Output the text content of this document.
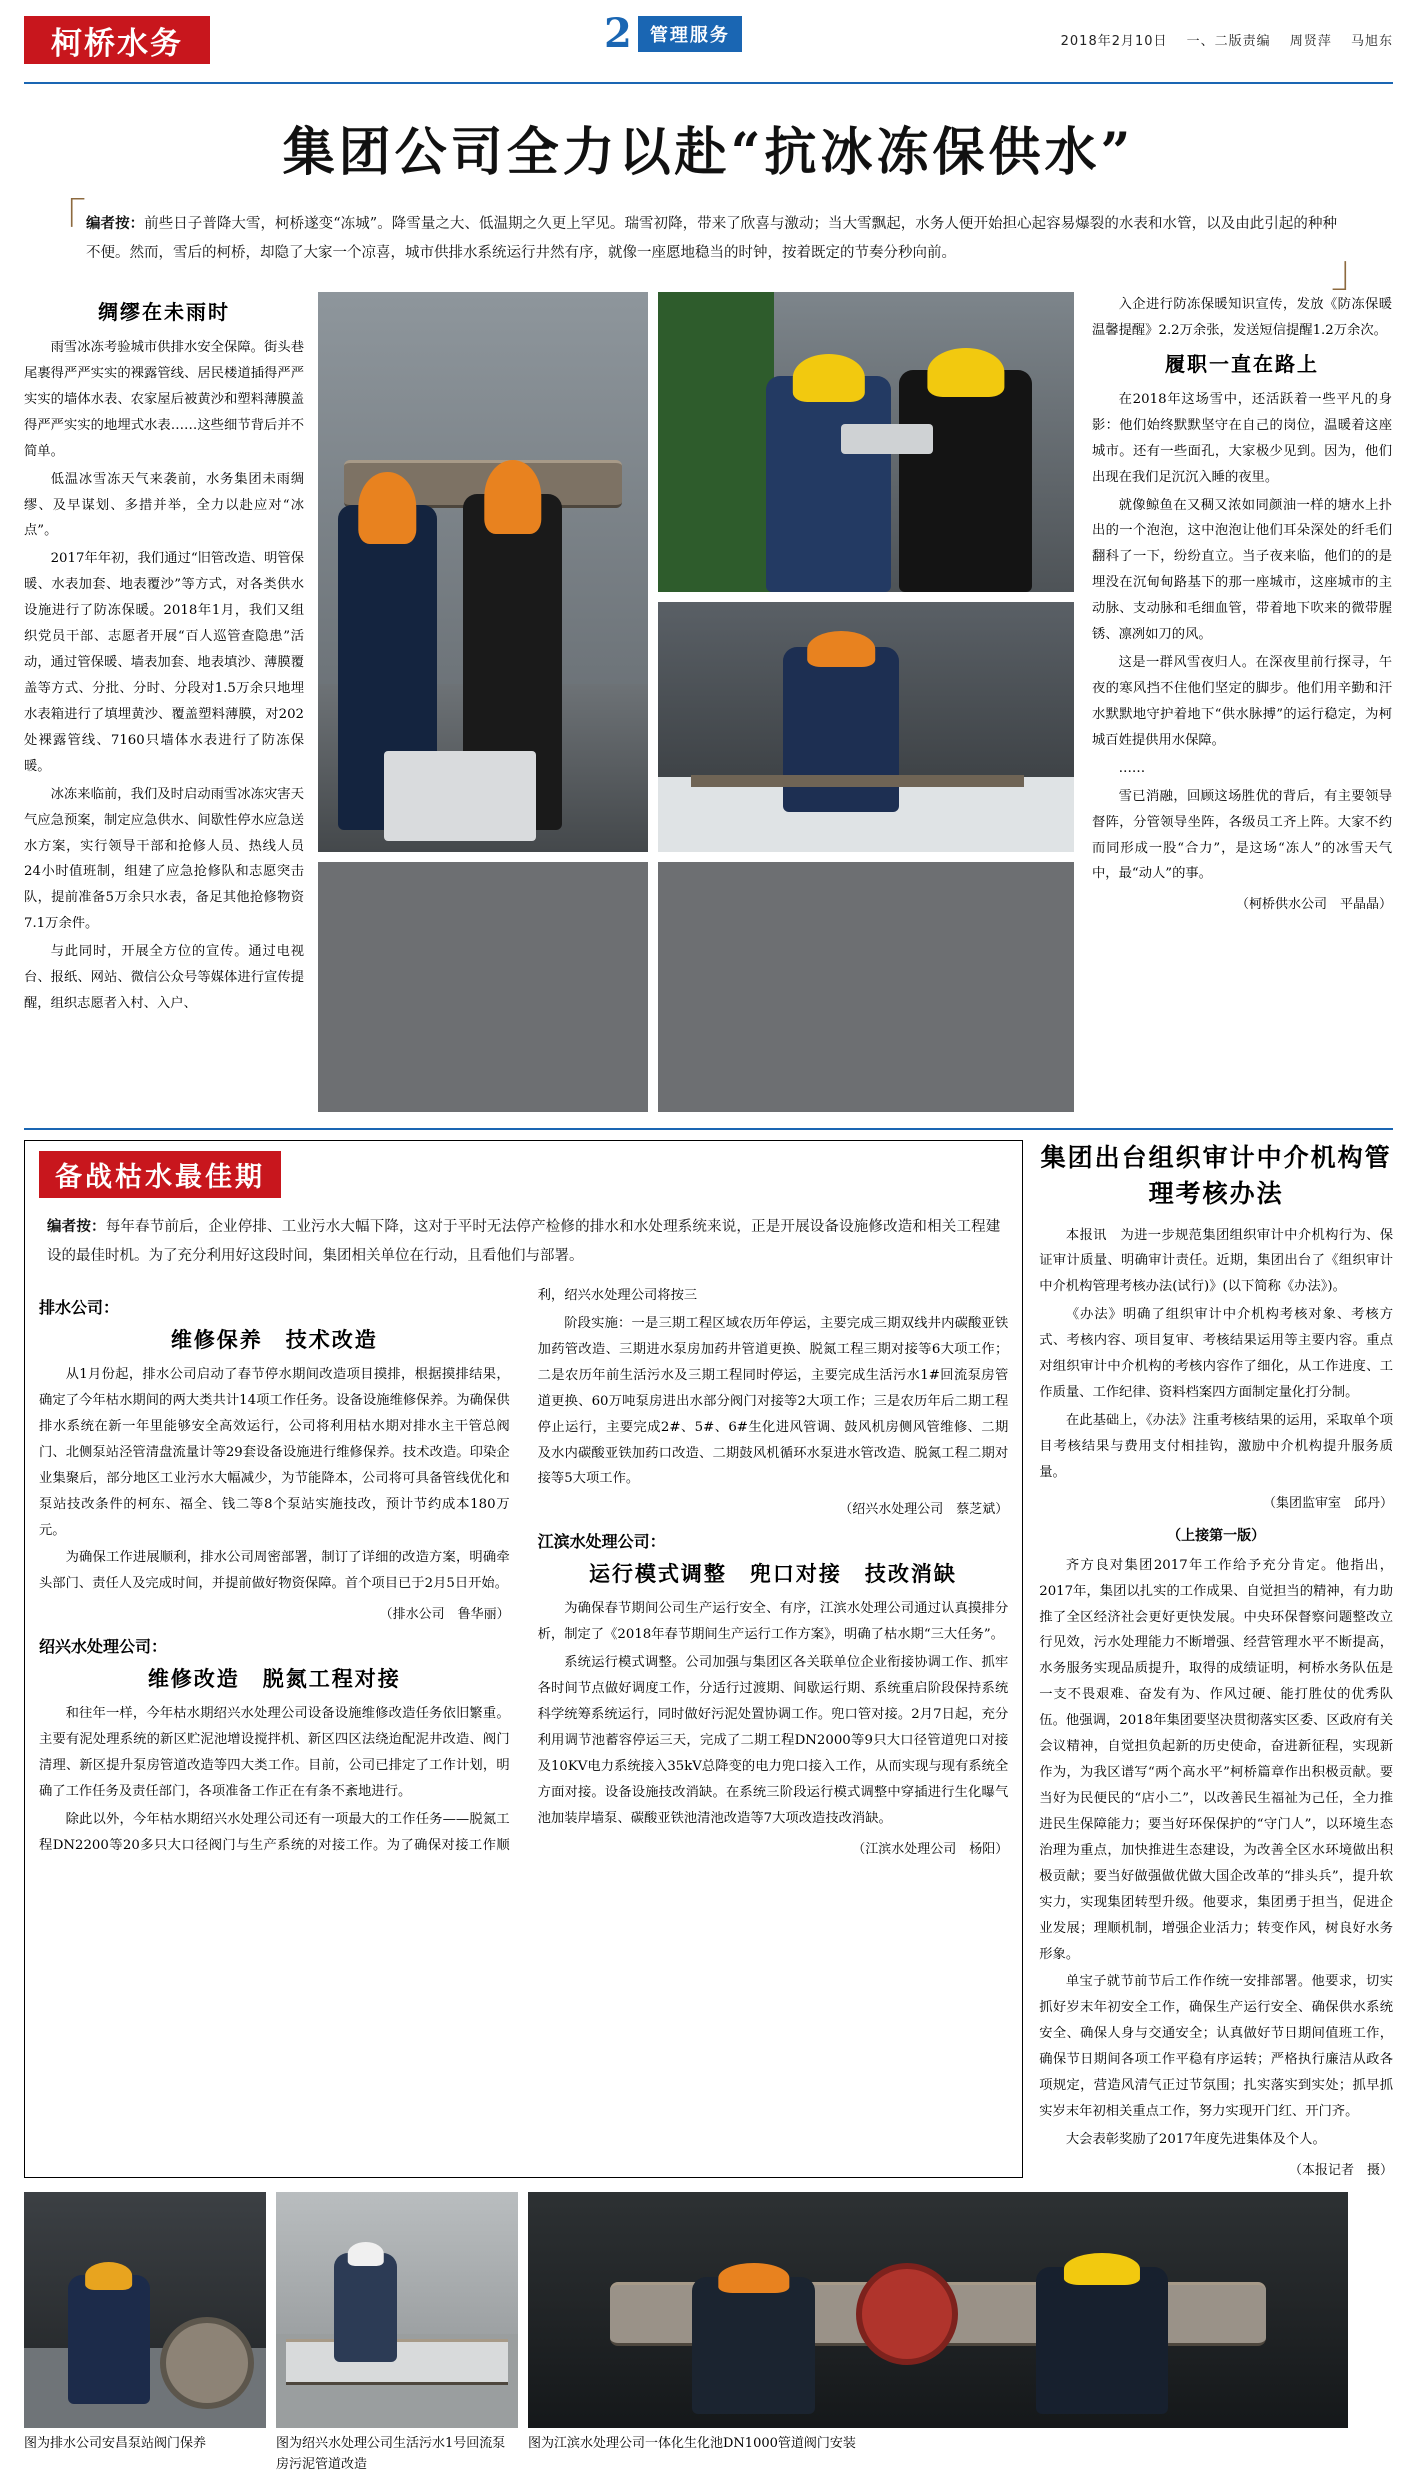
柯桥水务	2	管理服务	2018年2月10日 一、二版责编 周贤萍 马旭东
集团公司全力以赴“抗冰冻保供水”
「
」
编者按：前些日子普降大雪，柯桥遂变“冻城”。降雪量之大、低温期之久更上罕见。瑞雪初降，带来了欣喜与激动；当大雪飘起，水务人便开始担心起容易爆裂的水表和水管，以及由此引起的种种不便。然而，雪后的柯桥，却隐了大家一个凉喜，城市供排水系统运行井然有序，就像一座愿地稳当的时钟，按着既定的节奏分秒向前。
绸缪在未雨时

雨雪冰冻考验城市供排水安全保障。街头巷尾裹得严严实实的裸露管线、居民楼道插得严严实实的墙体水表、农家屋后被黄沙和塑料薄膜盖得严严实实的地埋式水表……这些细节背后并不简单。

低温冰雪冻天气来袭前，水务集团未雨绸缪、及早谋划、多措并举，全力以赴应对“冰点”。

2017年年初，我们通过“旧管改造、明管保暖、水表加套、地表覆沙”等方式，对各类供水设施进行了防冻保暖。2018年1月，我们又组织党员干部、志愿者开展“百人巡管查隐患”活动，通过管保暖、墙表加套、地表填沙、薄膜覆盖等方式、分批、分时、分段对1.5万余只地埋水表箱进行了填埋黄沙、覆盖塑料薄膜，对202处裸露管线、7160只墙体水表进行了防冻保暖。

冰冻来临前，我们及时启动雨雪冰冻灾害天气应急预案，制定应急供水、间歇性停水应急送水方案，实行领导干部和抢修人员、热线人员24小时值班制，组建了应急抢修队和志愿突击队，提前准备5万余只水表，备足其他抢修物资7.1万余件。

与此同时，开展全方位的宣传。通过电视台、报纸、网站、微信公众号等媒体进行宣传提醒，组织志愿者入村、入户、

入企进行防冻保暖知识宣传，发放《防冻保暖温馨提醒》2.2万余张，发送短信提醒1.2万余次。

履职一直在路上

在2018年这场雪中，还活跃着一些平凡的身影：他们始终默默坚守在自己的岗位，温暖着这座城市。还有一些面孔，大家极少见到。因为，他们出现在我们足沉沉入睡的夜里。

就像鲸鱼在又稠又浓如同颜油一样的塘水上扑出的一个泡泡，这中泡泡让他们耳朵深处的纤毛们翻科了一下，纷纷直立。当子夜来临，他们的的是埋没在沉甸甸路基下的那一座城市，这座城市的主动脉、支动脉和毛细血管，带着地下吹来的微带腥锈、凛冽如刀的风。

这是一群风雪夜归人。在深夜里前行探寻，午夜的寒风挡不住他们坚定的脚步。他们用辛勤和汗水默默地守护着地下“供水脉搏”的运行稳定，为柯城百姓提供用水保障。

……

雪已消融，回顾这场胜优的背后，有主要领导督阵，分管领导坐阵，各级员工齐上阵。大家不约而同形成一股“合力”，是这场“冻人”的冰雪天气中，最“动人”的事。

（柯桥供水公司　平晶晶）
备战枯水最佳期
编者按：每年春节前后，企业停排、工业污水大幅下降，这对于平时无法停产检修的排水和水处理系统来说，正是开展设备设施修改造和相关工程建设的最佳时机。为了充分利用好这段时间，集团相关单位在行动，且看他们与部署。
排水公司：
维修保养　技术改造

从1月份起，排水公司启动了春节停水期间改造项目摸排，根据摸排结果，确定了今年枯水期间的两大类共计14项工作任务。设备设施维修保养。为确保供排水系统在新一年里能够安全高效运行，公司将利用枯水期对排水主干管总阀门、北侧泵站泾管清盘流量计等29套设备设施进行维修保养。技术改造。印染企业集聚后，部分地区工业污水大幅减少，为节能降本，公司将可具备管线优化和泵站技改条件的柯东、福全、钱二等8个泵站实施技改，预计节约成本180万元。

为确保工作进展顺利，排水公司周密部署，制订了详细的改造方案，明确牵头部门、责任人及完成时间，并提前做好物资保障。首个项目已于2月5日开始。

（排水公司　鲁华丽）
绍兴水处理公司：
维修改造　脱氮工程对接

和往年一样，今年枯水期绍兴水处理公司设备设施维修改造任务依旧繁重。主要有泥处理系统的新区贮泥池增设搅拌机、新区四区法绕迨配泥井改造、阀门清理、新区提升泵房管道改造等四大类工作。目前，公司已排定了工作计划，明确了工作任务及责任部门，各项准备工作正在有条不紊地进行。

除此以外，今年枯水期绍兴水处理公司还有一项最大的工作任务——脱氮工程DN2200等20多只大口径阀门与生产系统的对接工作。为了确保对接工作顺利，绍兴水处理公司将按三

阶段实施：一是三期工程区域农历年停运，主要完成三期双线井内碳酸亚铁加药管改造、三期进水泵房加药井管道更换、脱氮工程三期对接等6大项工作；二是农历年前生活污水及三期工程同时停运，主要完成生活污水1#回流泵房管道更换、60万吨泵房进出水部分阀门对接等2大项工作；三是农历年后二期工程停止运行，主要完成2#、5#、6#生化进风管调、鼓风机房侧风管维修、二期及水内碳酸亚铁加药口改造、二期鼓风机循环水泵进水管改造、脱氮工程二期对接等5大项工作。

（绍兴水处理公司　蔡芝斌）
江滨水处理公司：
运行模式调整　兜口对接　技改消缺

为确保春节期间公司生产运行安全、有序，江滨水处理公司通过认真摸排分析，制定了《2018年春节期间生产运行工作方案》，明确了枯水期“三大任务”。

系统运行模式调整。公司加强与集团区各关联单位企业衔接协调工作、抓牢各时间节点做好调度工作，分适行过渡期、间歇运行期、系统重启阶段保持系统科学统筹系统运行，同时做好污泥处置协调工作。兜口管对接。2月7日起，充分利用调节池蓄容停运三天，完成了二期工程DN2000等9只大口径管道兜口对接及10KV电力系统接入35kV总降变的电力兜口接入工作，从而实现与现有系统全方面对接。设备设施技改消缺。在系统三阶段运行模式调整中穿插进行生化曝气池加装岸墙泵、碳酸亚铁池清池改造等7大项改造技改消缺。

（江滨水处理公司　杨阳）
集团出台组织审计中介机构管理考核办法

本报讯　为进一步规范集团组织审计中介机构行为、保证审计质量、明确审计责任。近期，集团出台了《组织审计中介机构管理考核办法(试行)》(以下简称《办法》)。

《办法》明确了组织审计中介机构考核对象、考核方式、考核内容、项目复审、考核结果运用等主要内容。重点对组织审计中介机构的考核内容作了细化，从工作进度、工作质量、工作纪律、资料档案四方面制定量化打分制。

在此基础上，《办法》注重考核结果的运用，采取单个项目考核结果与费用支付相挂钩，激励中介机构提升服务质量。

（集团监审室　邱丹）
（上接第一版）

齐方良对集团2017年工作给予充分肯定。他指出，2017年，集团以扎实的工作成果、自觉担当的精神，有力助推了全区经济社会更好更快发展。中央环保督察问题整改立行见效，污水处理能力不断增强、经营管理水平不断提高，水务服务实现品质提升，取得的成绩证明，柯桥水务队伍是一支不畏艰难、奋发有为、作风过硬、能打胜仗的优秀队伍。他强调，2018年集团要坚决贯彻落实区委、区政府有关会议精神，自觉担负起新的历史使命，奋进新征程，实现新作为，为我区谱写“两个高水平”柯桥篇章作出积极贡献。要当好为民便民的“店小二”，以改善民生福祉为己任，全力推进民生保障能力；要当好环保保护的“守门人”，以环境生态治理为重点，加快推进生态建设，为改善全区水环境做出积极贡献；要当好做强做优做大国企改革的“排头兵”，提升软实力，实现集团转型升级。他要求，集团勇于担当，促进企业发展；理顺机制，增强企业活力；转变作风，树良好水务形象。

单宝子就节前节后工作作统一安排部署。他要求，切实抓好岁末年初安全工作，确保生产运行安全、确保供水系统安全、确保人身与交通安全；认真做好节日期间值班工作，确保节日期间各项工作平稳有序运转；严格执行廉洁从政各项规定，营造风清气正过节氛围；扎实落实到实处；抓早抓实岁末年初相关重点工作，努力实现开门红、开门齐。

大会表彰奖励了2017年度先进集体及个人。

（本报记者　摄）
图为排水公司安昌泵站阀门保养	图为绍兴水处理公司生活污水1号回流泵房污泥管道改造
图为江滨水处理公司一体化生化池DN1000管道阀门安装
